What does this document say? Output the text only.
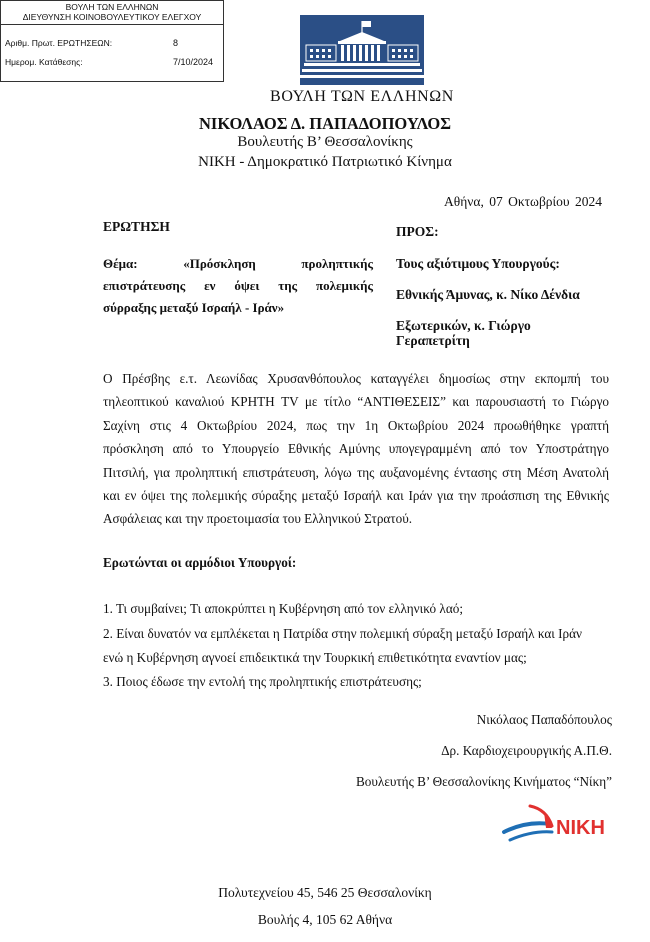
ΒΟΥΛΗ ΤΩΝ ΕΛΛΗΝΩΝ
ΔΙΕΥΘΥΝΣΗ ΚΟΙΝΟΒΟΥΛΕΥΤΙΚΟΥ ΕΛΕΓΧΟΥ
Αριθμ. Πρωτ. ΕΡΩΤΗΣΕΩΝ:	8
Ημερομ. Κατάθεσης:	7/10/2024
ΒΟΥΛΗ ΤΩΝ ΕΛΛΗΝΩΝ
ΝΙΚΟΛΑΟΣ Δ. ΠΑΠΑΔΟΠΟΥΛΟΣ
Βουλευτής Β’ Θεσσαλονίκης
ΝΙΚΗ - Δημοκρατικό Πατριωτικό Κίνημα
Αθήνα, 07 Οκτωβρίου 2024
ΕΡΩΤΗΣΗ
Θέμα: «Πρόσκληση προληπτικής
επιστράτευσης εν όψει της πολεμικής
σύρραξης μεταξύ Ισραήλ - Ιράν»
ΠΡΟΣ:
Τους αξιότιμους Υπουργούς:
Εθνικής Άμυνας, κ. Νίκο Δένδια
Εξωτερικών, κ. Γιώργο
Γεραπετρίτη
Ο Πρέσβης ε.τ. Λεωνίδας Χρυσανθόπουλος καταγγέλει δημοσίως στην εκπομπή του
τηλεοπτικού καναλιού ΚΡΗΤΗ TV με τίτλο “ΑΝΤΙΘΕΣΕΙΣ” και παρουσιαστή το Γιώργο
Σαχίνη στις 4 Οκτωβρίου 2024, πως την 1η Οκτωβρίου 2024 προωθήθηκε γραπτή
πρόσκληση από το Υπουργείο Εθνικής Αμύνης υπογεγραμμένη από τον Υποστράτηγο
Πιτσιλή, για προληπτική επιστράτευση, λόγω της αυξανομένης έντασης στη Μέση Ανατολή
και εν όψει της πολεμικής σύραξης μεταξύ Ισραήλ και Ιράν για την προάσπιση της Εθνικής
Ασφάλειας και την προετοιμασία του Ελληνικού Στρατού.
Ερωτώνται οι αρμόδιοι Υπουργοί:
1. Τι συμβαίνει; Τι αποκρύπτει η Κυβέρνηση από τον ελληνικό λαό;
2. Είναι δυνατόν να εμπλέκεται η Πατρίδα στην πολεμική σύραξη μεταξύ Ισραήλ και Ιράν
ενώ η Κυβέρνηση αγνοεί επιδεικτικά την Τουρκική επιθετικότητα εναντίον μας;
3. Ποιος έδωσε την εντολή της προληπτικής επιστράτευσης;
Νικόλαος Παπαδόπουλος
Δρ. Καρδιοχειρουργικής Α.Π.Θ.
Βουλευτής Β’ Θεσσαλονίκης Κινήματος “Νίκη”
ΝΙΚΗ
Πολυτεχνείου 45, 546 25 Θεσσαλονίκη
Βουλής 4, 105 62 Αθήνα
